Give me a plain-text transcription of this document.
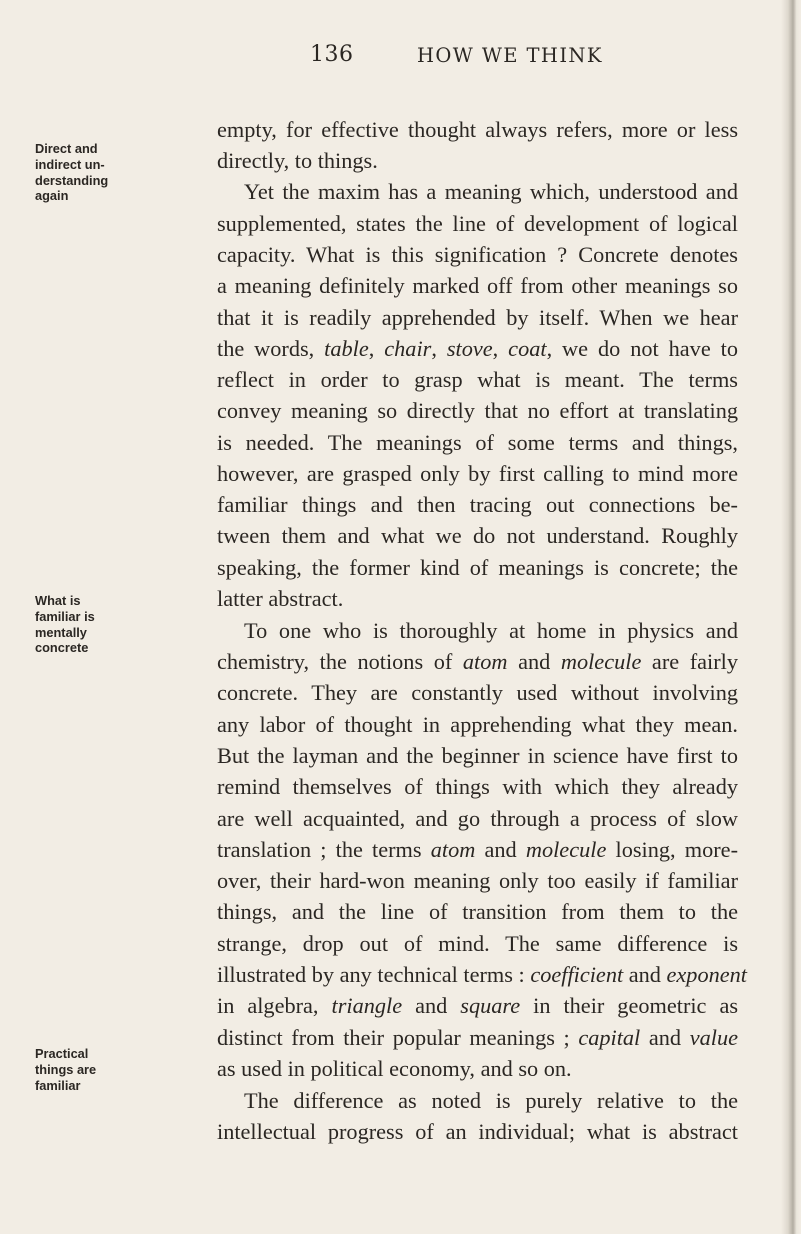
136	HOW WE THINK
Direct and indirect un- derstanding again
What is familiar is mentally concrete
Practical things are familiar
empty, for effective thought always refers, more or less
directly, to things.
Yet the maxim has a meaning which, understood and
supplemented, states the line of development of logical
capacity. What is this signification ? Concrete denotes
a meaning definitely marked off from other meanings so
that it is readily apprehended by itself. When we hear
the words, table, chair, stove, coat, we do not have to
reflect in order to grasp what is meant. The terms
convey meaning so directly that no effort at translating
is needed. The meanings of some terms and things,
however, are grasped only by first calling to mind more
familiar things and then tracing out connections be-
tween them and what we do not understand. Roughly
speaking, the former kind of meanings is concrete; the
latter abstract.
To one who is thoroughly at home in physics and
chemistry, the notions of atom and molecule are fairly
concrete. They are constantly used without involving
any labor of thought in apprehending what they mean.
But the layman and the beginner in science have first to
remind themselves of things with which they already
are well acquainted, and go through a process of slow
translation ; the terms atom and molecule losing, more-
over, their hard-won meaning only too easily if familiar
things, and the line of transition from them to the
strange, drop out of mind. The same difference is
illustrated by any technical terms : coefficient and exponent
in algebra, triangle and square in their geometric as
distinct from their popular meanings ; capital and value
as used in political economy, and so on.
The difference as noted is purely relative to the
intellectual progress of an individual; what is abstract
